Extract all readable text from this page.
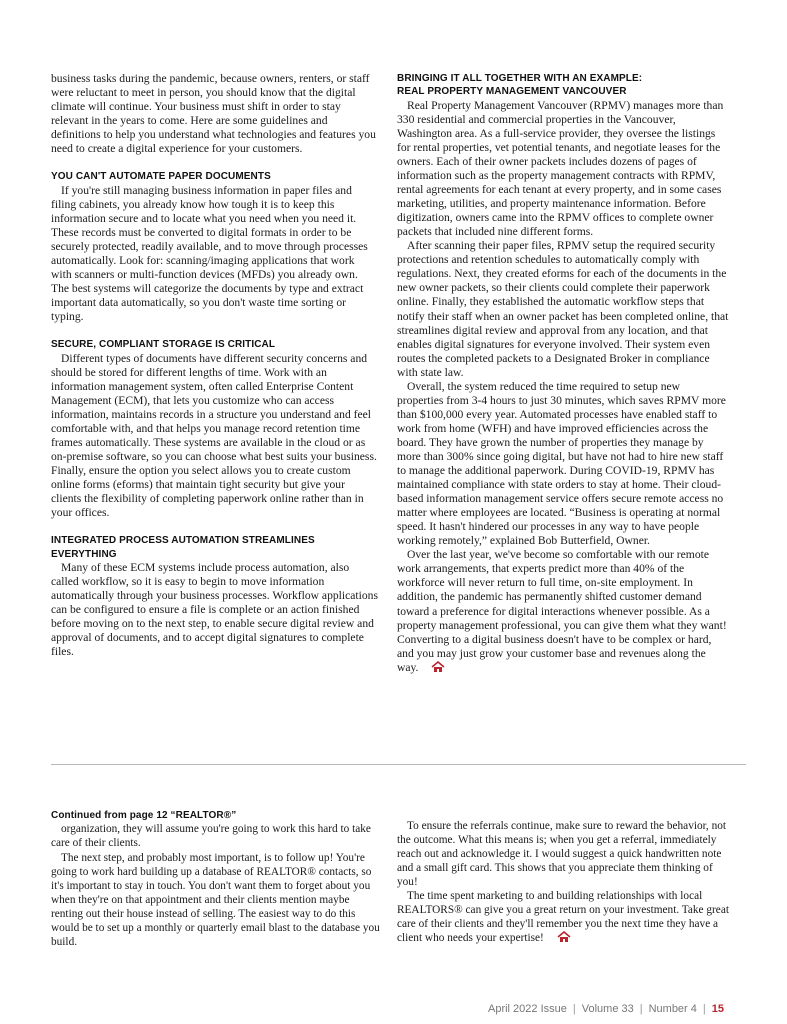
business tasks during the pandemic, because owners, renters, or staff were reluctant to meet in person, you should know that the digital climate will continue. Your business must shift in order to stay relevant in the years to come. Here are some guidelines and definitions to help you understand what technologies and features you need to create a digital experience for your customers.

YOU CAN'T AUTOMATE PAPER DOCUMENTS

If you're still managing business information in paper files and filing cabinets, you already know how tough it is to keep this information secure and to locate what you need when you need it. These records must be converted to digital formats in order to be securely protected, readily available, and to move through processes automatically. Look for: scanning/imaging applications that work with scanners or multi-function devices (MFDs) you already own. The best systems will categorize the documents by type and extract important data automatically, so you don't waste time sorting or typing.

SECURE, COMPLIANT STORAGE IS CRITICAL

Different types of documents have different security concerns and should be stored for different lengths of time. Work with an information management system, often called Enterprise Content Management (ECM), that lets you customize who can access information, maintains records in a structure you understand and feel comfortable with, and that helps you manage record retention time frames automatically. These systems are available in the cloud or as on-premise software, so you can choose what best suits your business. Finally, ensure the option you select allows you to create custom online forms (eforms) that maintain tight security but give your clients the flexibility of completing paperwork online rather than in your offices.

INTEGRATED PROCESS AUTOMATION STREAMLINES EVERYTHING

Many of these ECM systems include process automation, also called workflow, so it is easy to begin to move information automatically through your business processes. Workflow applications can be configured to ensure a file is complete or an action finished before moving on to the next step, to enable secure digital review and approval of documents, and to accept digital signatures to complete files.

BRINGING IT ALL TOGETHER WITH AN EXAMPLE:
REAL PROPERTY MANAGEMENT VANCOUVER

Real Property Management Vancouver (RPMV) manages more than 330 residential and commercial properties in the Vancouver, Washington area. As a full-service provider, they oversee the listings for rental properties, vet potential tenants, and negotiate leases for the owners. Each of their owner packets includes dozens of pages of information such as the property management contracts with RPMV, rental agreements for each tenant at every property, and in some cases marketing, utilities, and property maintenance information. Before digitization, owners came into the RPMV offices to complete owner packets that included nine different forms.

After scanning their paper files, RPMV setup the required security protections and retention schedules to automatically comply with regulations. Next, they created eforms for each of the documents in the new owner packets, so their clients could complete their paperwork online. Finally, they established the automatic workflow steps that notify their staff when an owner packet has been completed online, that streamlines digital review and approval from any location, and that enables digital signatures for everyone involved. Their system even routes the completed packets to a Designated Broker in compliance with state law.

Overall, the system reduced the time required to setup new properties from 3-4 hours to just 30 minutes, which saves RPMV more than $100,000 every year. Automated processes have enabled staff to work from home (WFH) and have improved efficiencies across the board. They have grown the number of properties they manage by more than 300% since going digital, but have not had to hire new staff to manage the additional paperwork. During COVID-19, RPMV has maintained compliance with state orders to stay at home. Their cloud-based information management service offers secure remote access no matter where employees are located. “Business is operating at normal speed. It hasn't hindered our processes in any way to have people working remotely,” explained Bob Butterfield, Owner.

Over the last year, we've become so comfortable with our remote work arrangements, that experts predict more than 40% of the workforce will never return to full time, on-site employment. In addition, the pandemic has permanently shifted customer demand toward a preference for digital interactions whenever possible. As a property management professional, you can give them what they want! Converting to a digital business doesn't have to be complex or hard, and you may just grow your customer base and revenues along the way.

Continued from page 12 “REALTOR®”

organization, they will assume you're going to work this hard to take care of their clients.

The next step, and probably most important, is to follow up! You're going to work hard building up a database of REALTOR® contacts, so it's important to stay in touch. You don't want them to forget about you when they're on that appointment and their clients mention maybe renting out their house instead of selling. The easiest way to do this would be to set up a monthly or quarterly email blast to the database you build.

To ensure the referrals continue, make sure to reward the behavior, not the outcome. What this means is; when you get a referral, immediately reach out and acknowledge it. I would suggest a quick handwritten note and a small gift card. This shows that you appreciate them thinking of you!

The time spent marketing to and building relationships with local REALTORS® can give you a great return on your investment. Take great care of their clients and they'll remember you the next time they have a client who needs your expertise!

April 2022 Issue | Volume 33 | Number 4 | 15
